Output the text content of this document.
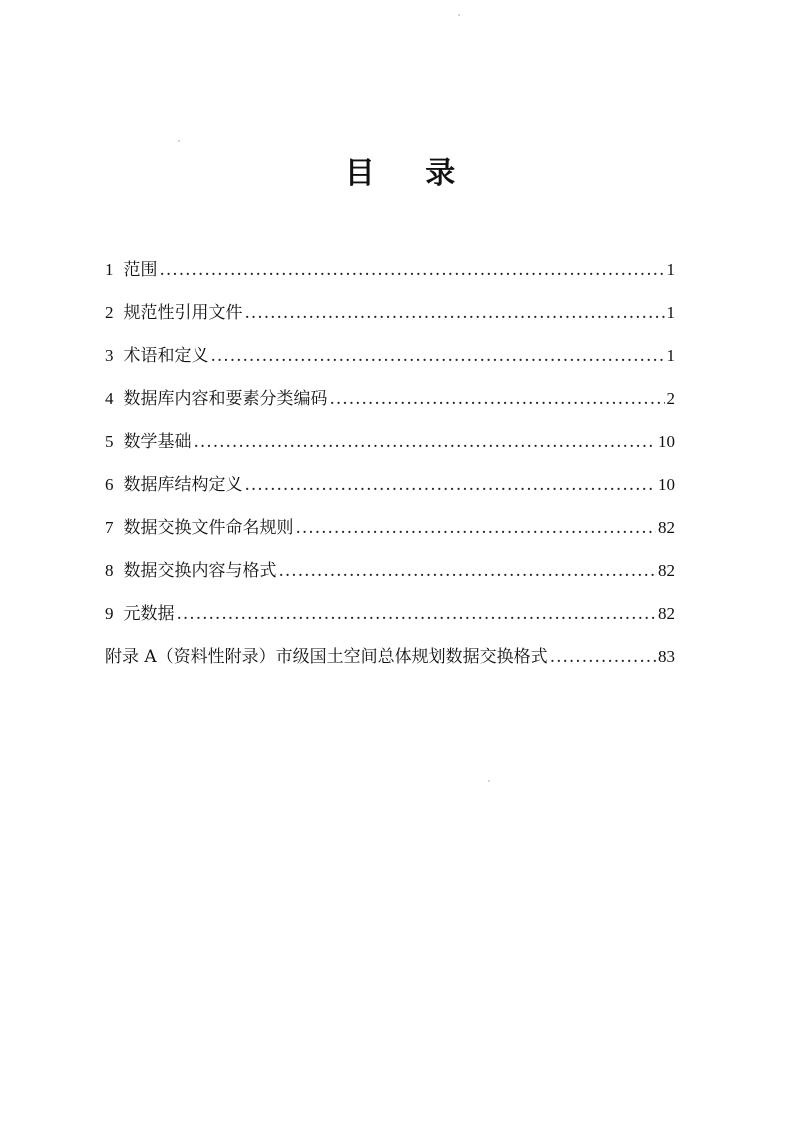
目 录
1 范围 .....	1
2 规范性引用文件 .....	1
3 术语和定义 .....	1
4 数据库内容和要素分类编码 .....	2
5 数学基础 .....	10
6 数据库结构定义 .....	10
7 数据交换文件命名规则 .....	82
8 数据交换内容与格式 .....	82
9 元数据 .....	82
附录 A（资料性附录）市级国土空间总体规划数据交换格式 .....	83
